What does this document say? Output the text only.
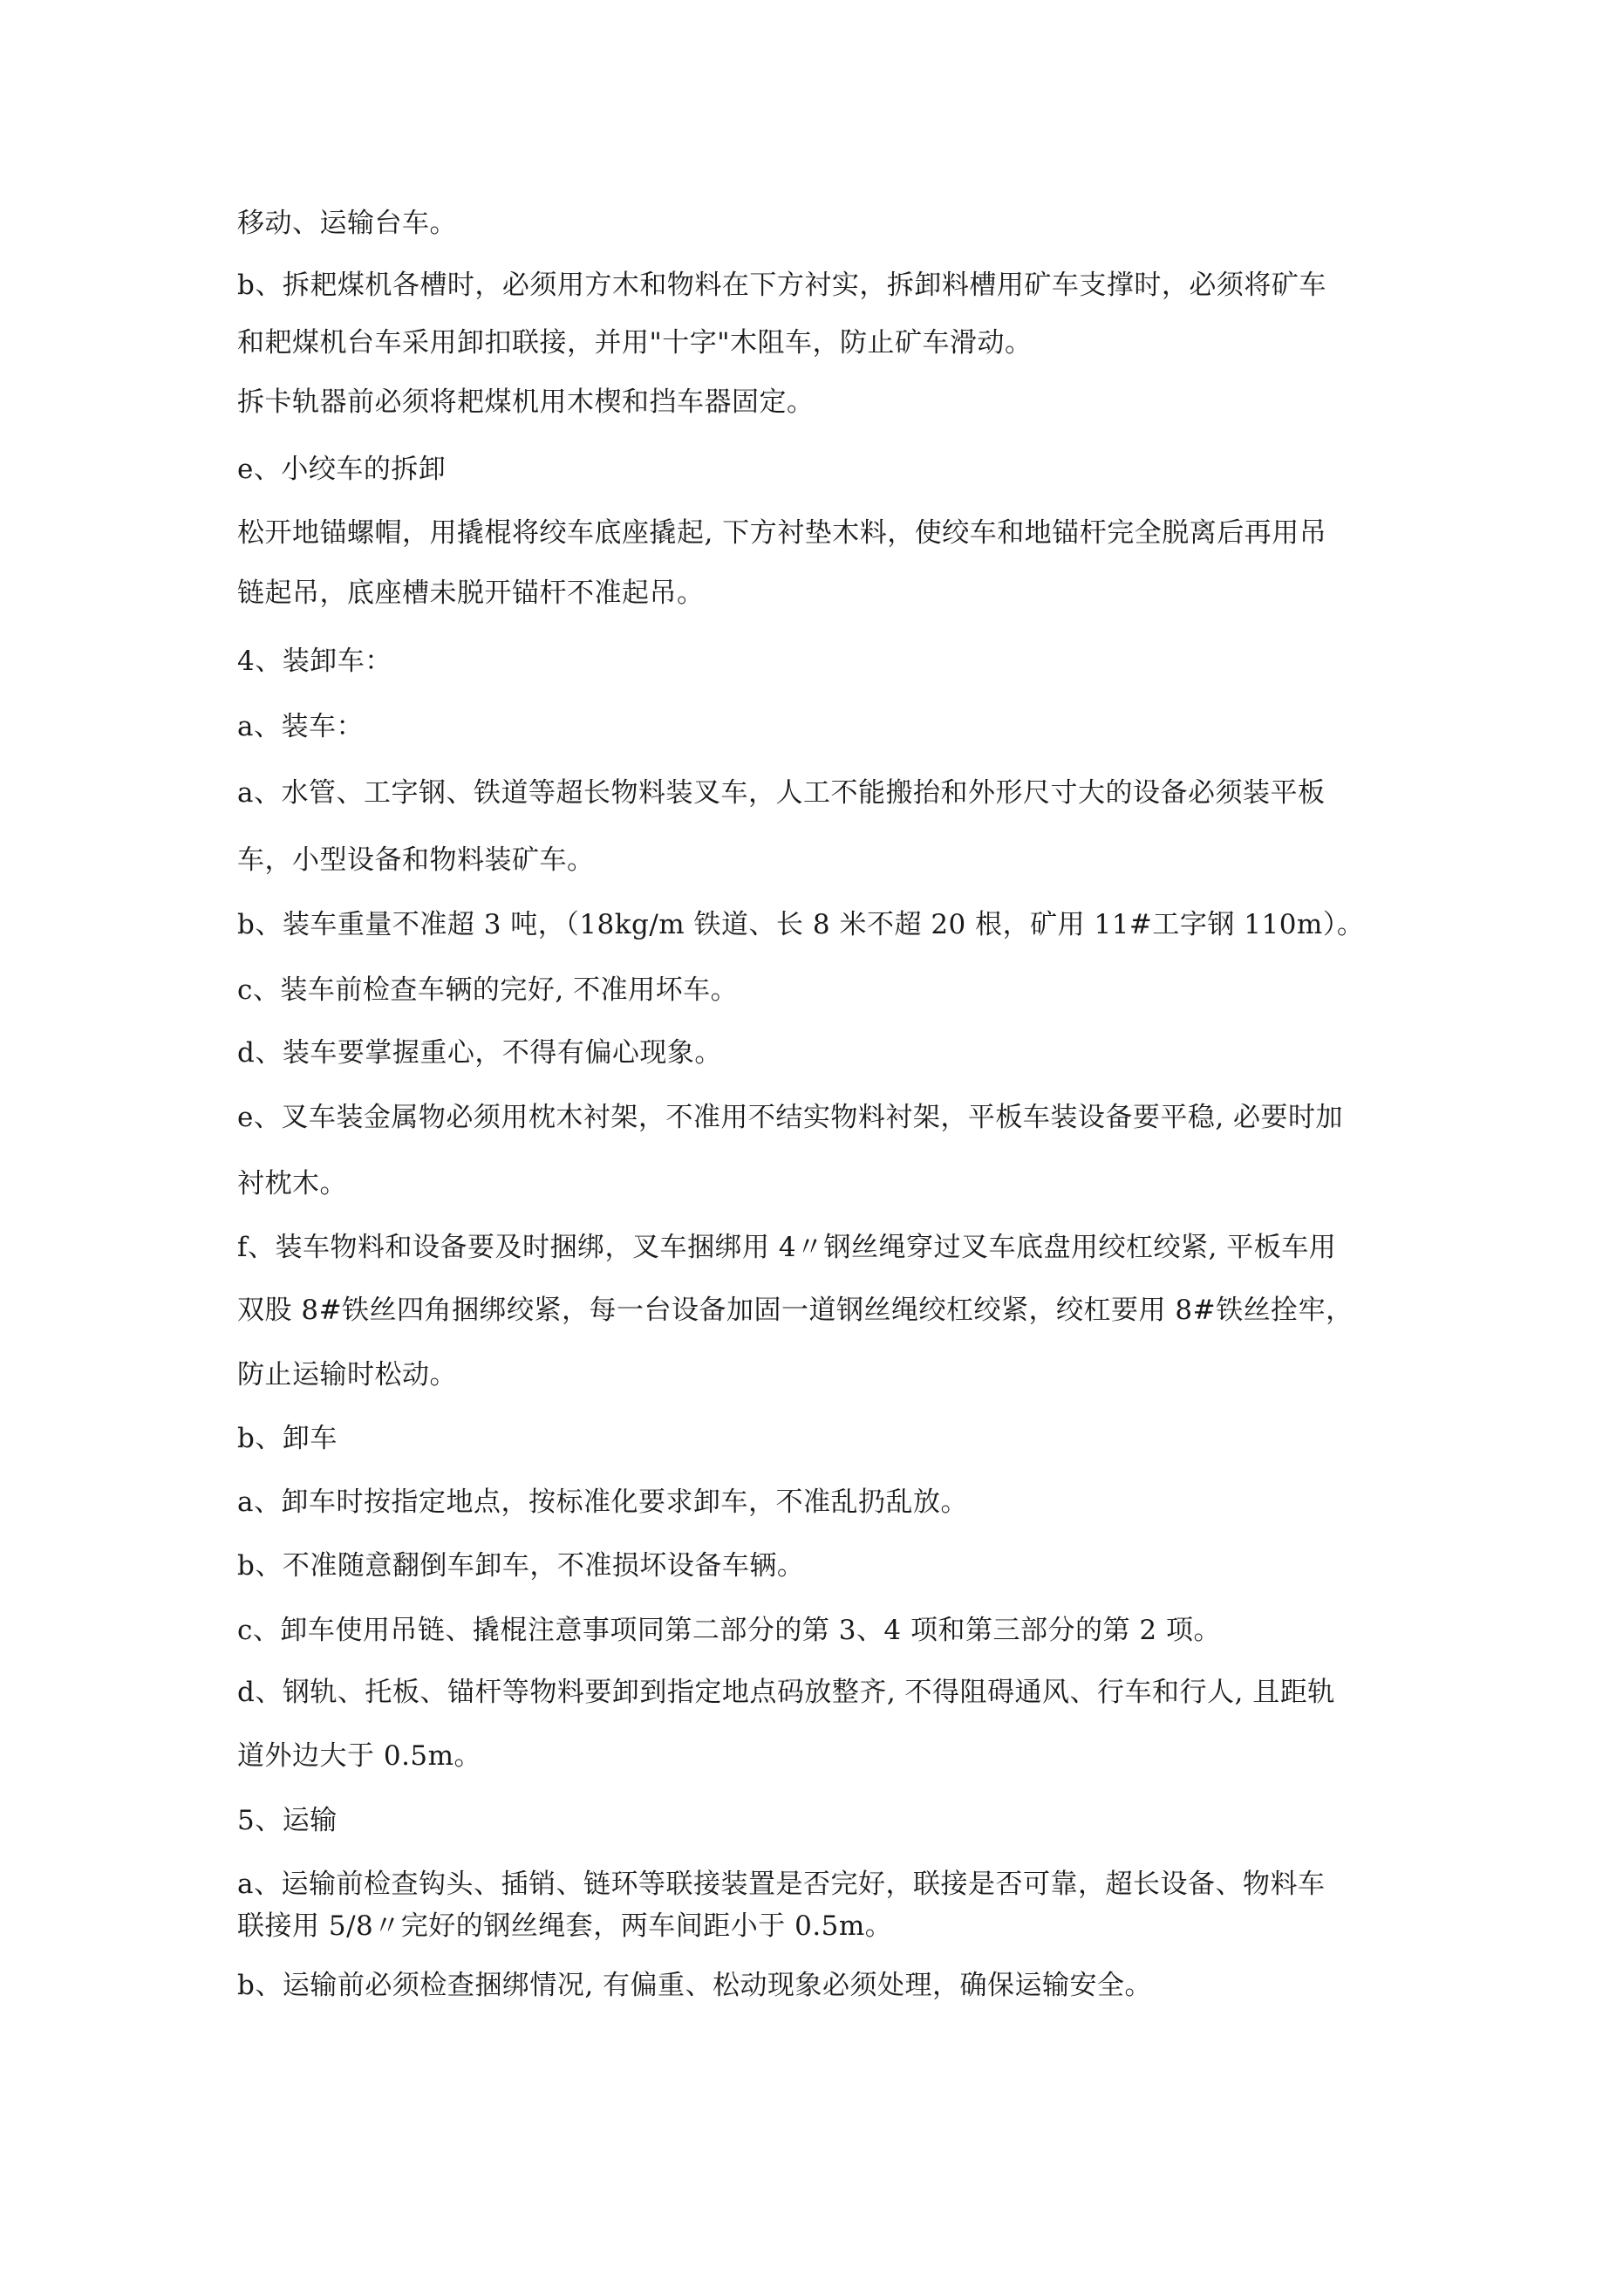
移动、运输台车。
b、拆耙煤机各槽时，必须用方木和物料在下方衬实，拆卸料槽用矿车支撑时，必须将矿车
和耙煤机台车采用卸扣联接，并用"十字"木阻车，防止矿车滑动。
拆卡轨器前必须将耙煤机用木楔和挡车器固定。
e、小绞车的拆卸
松开地锚螺帽，用撬棍将绞车底座撬起, 下方衬垫木料，使绞车和地锚杆完全脱离后再用吊
链起吊，底座槽未脱开锚杆不准起吊。
4、装卸车：
a、装车：
a、水管、工字钢、铁道等超长物料装叉车，人工不能搬抬和外形尺寸大的设备必须装平板
车，小型设备和物料装矿车。
b、装车重量不准超 3 吨，（18kg/m 铁道、长 8 米不超 20 根，矿用 11#工字钢 110m）。
c、装车前检查车辆的完好, 不准用坏车。
d、装车要掌握重心，不得有偏心现象。
e、叉车装金属物必须用枕木衬架，不准用不结实物料衬架，平板车装设备要平稳, 必要时加
衬枕木。
f、装车物料和设备要及时捆绑，叉车捆绑用 4〃钢丝绳穿过叉车底盘用绞杠绞紧, 平板车用
双股 8#铁丝四角捆绑绞紧，每一台设备加固一道钢丝绳绞杠绞紧，绞杠要用 8#铁丝拴牢，
防止运输时松动。
b、卸车
a、卸车时按指定地点，按标准化要求卸车，不准乱扔乱放。
b、不准随意翻倒车卸车，不准损坏设备车辆。
c、卸车使用吊链、撬棍注意事项同第二部分的第 3、4 项和第三部分的第 2 项。
d、钢轨、托板、锚杆等物料要卸到指定地点码放整齐, 不得阻碍通风、行车和行人, 且距轨
道外边大于 0.5m。
5、运输
a、运输前检查钩头、插销、链环等联接装置是否完好，联接是否可靠，超长设备、物料车
联接用 5/8〃完好的钢丝绳套，两车间距小于 0.5m。
b、运输前必须检查捆绑情况, 有偏重、松动现象必须处理，确保运输安全。
